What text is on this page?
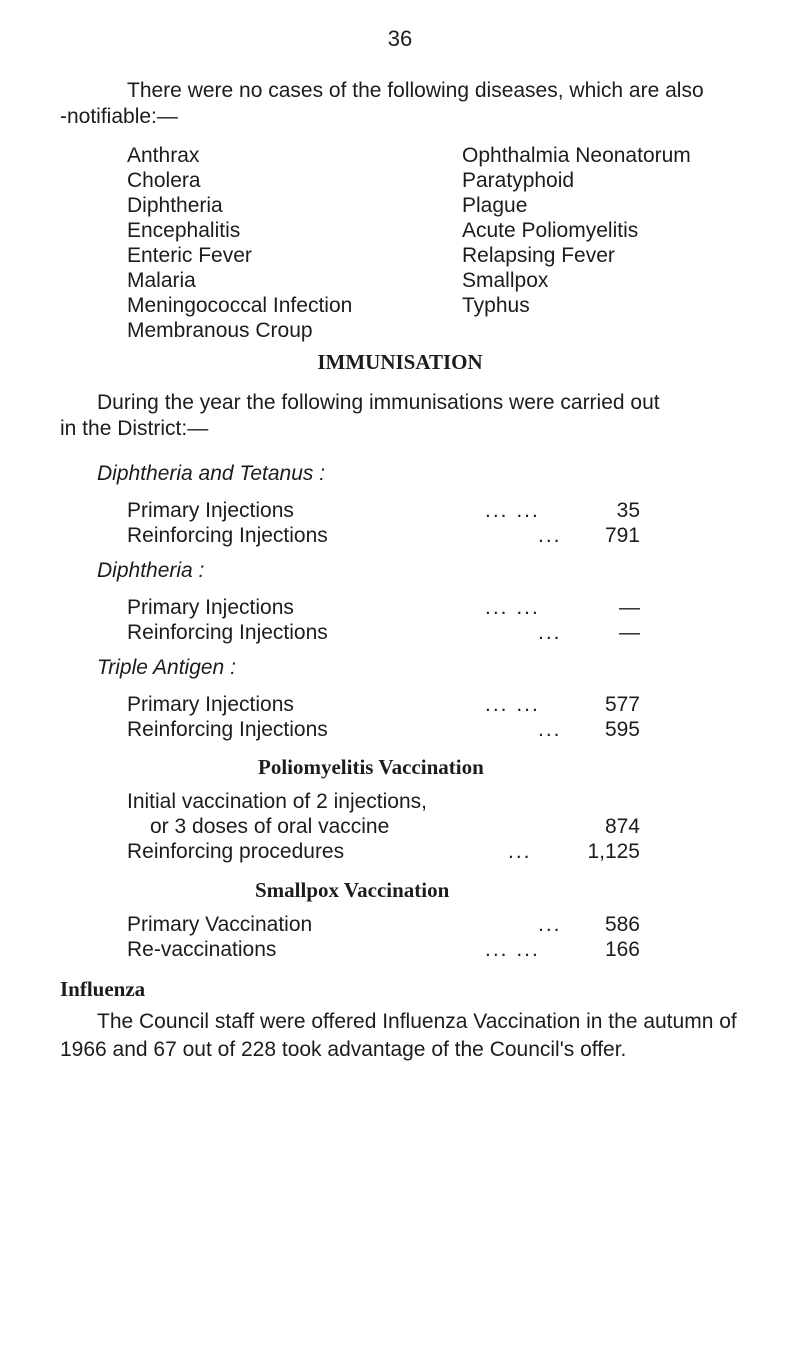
36
There were no cases of the following diseases, which are also
-notifiable:—
Anthrax
Cholera
Diphtheria
Encephalitis
Enteric Fever
Malaria
Meningococcal Infection
Membranous Croup
Ophthalmia Neonatorum
Paratyphoid
Plague
Acute Poliomyelitis
Relapsing Fever
Smallpox
Typhus
IMMUNISATION
During the year the following immunisations were carried out
in the District:—
Diphtheria and Tetanus :
Primary Injections	... ...	35
Reinforcing Injections	...	791
Diphtheria :
Primary Injections	... ...	—
Reinforcing Injections	...	—
Triple Antigen :
Primary Injections	... ...	577
Reinforcing Injections	...	595
Poliomyelitis Vaccination
Initial vaccination of 2 injections,
or 3 doses of oral vaccine	874
Reinforcing procedures	...	1,125
Smallpox Vaccination
Primary Vaccination	...	586
Re-vaccinations	... ...	166
Influenza
The Council staff were offered Influenza Vaccination in the autumn of 1966 and 67 out of 228 took advantage of the Council's offer.
